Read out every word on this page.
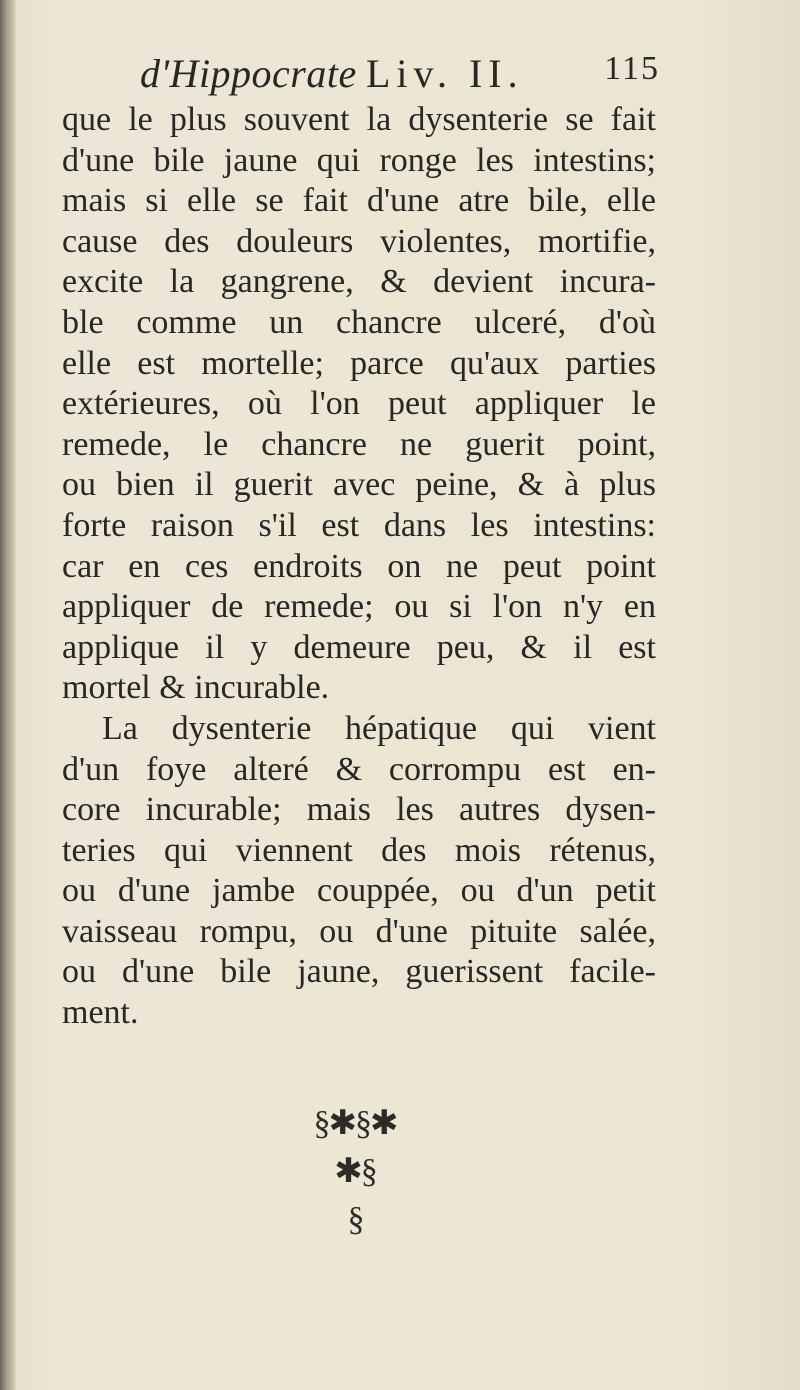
d'Hippocrate Liv. II. 115
que le plus souvent la dysenterie se fait
d'une bile jaune qui ronge les intestins;
mais si elle se fait d'une atre bile, elle
cause des douleurs violentes, mortifie,
excite la gangrene, & devient incura-
ble comme un chancre ulceré, d'où
elle est mortelle; parce qu'aux parties
extérieures, où l'on peut appliquer le
remede, le chancre ne guerit point,
ou bien il guerit avec peine, & à plus
forte raison s'il est dans les intestins:
car en ces endroits on ne peut point
appliquer de remede; ou si l'on n'y en
applique il y demeure peu, & il est
mortel & incurable.
La dysenterie hépatique qui vient
d'un foye alteré & corrompu est en-
core incurable; mais les autres dysen-
teries qui viennent des mois rétenus,
ou d'une jambe couppée, ou d'un petit
vaisseau rompu, ou d'une pituite salée,
ou d'une bile jaune, guerissent facile-
ment.
§✱§✱
✱§
§
